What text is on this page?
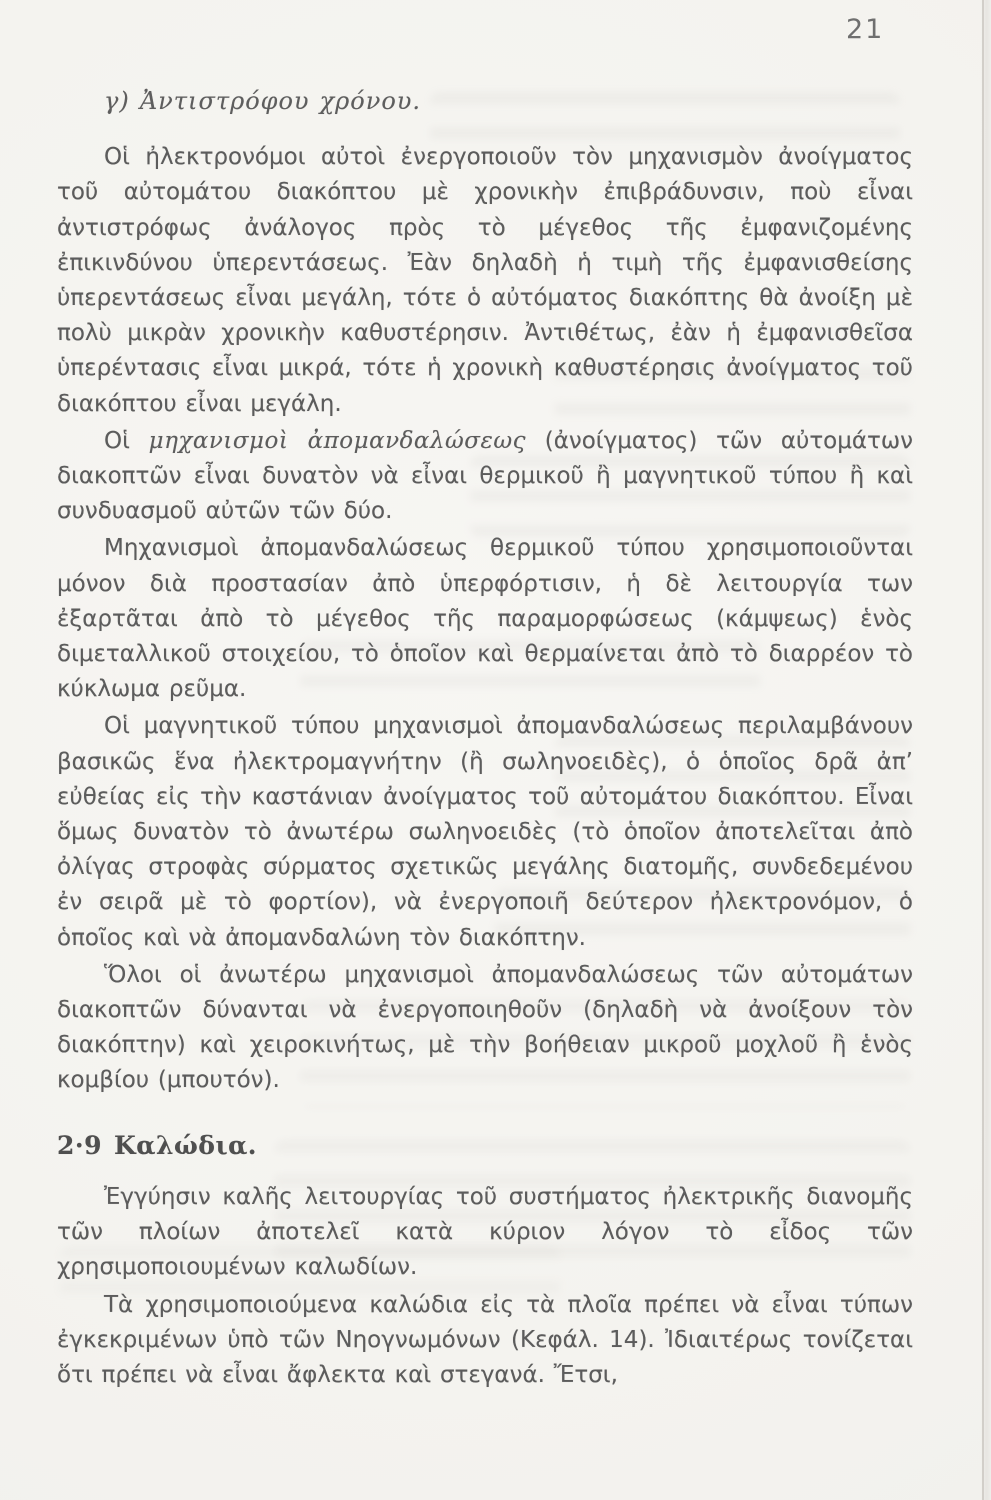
21
γ) Ἀντιστρόφου χρόνου.

Οἱ ἠλεκτρονόμοι αὐτοὶ ἐνεργοποιοῦν τὸν μηχανισμὸν ἀνοίγματος τοῦ αὐτομάτου διακόπτου μὲ χρονικὴν ἐπιβράδυνσιν, ποὺ εἶναι ἀντιστρόφως ἀνάλογος πρὸς τὸ μέγεθος τῆς ἐμφανιζομένης ἐπικινδύνου ὑπερεντάσεως. Ἐὰν δηλαδὴ ἡ τιμὴ τῆς ἐμφανισθείσης ὑπερεντάσεως εἶναι μεγάλη, τότε ὁ αὐτόματος διακόπτης θὰ ἀνοίξη μὲ πολὺ μικρὰν χρονικὴν καθυστέρησιν. Ἀντιθέτως, ἐὰν ἡ ἐμφανισθεῖσα ὑπερέντασις εἶναι μικρά, τότε ἡ χρονικὴ καθυστέρησις ἀνοίγματος τοῦ διακόπτου εἶναι μεγάλη.

Οἱ μηχανισμοὶ ἀπομανδαλώσεως (ἀνοίγματος) τῶν αὐτομάτων διακοπτῶν εἶναι δυνατὸν νὰ εἶναι θερμικοῦ ἢ μαγνητικοῦ τύπου ἢ καὶ συνδυασμοῦ αὐτῶν τῶν δύο.

Μηχανισμοὶ ἀπομανδαλώσεως θερμικοῦ τύπου χρησιμοποιοῦνται μόνον διὰ προστασίαν ἀπὸ ὑπερφόρτισιν, ἡ δὲ λειτουργία των ἐξαρτᾶται ἀπὸ τὸ μέγεθος τῆς παραμορφώσεως (κάμψεως) ἑνὸς διμεταλλικοῦ στοιχείου, τὸ ὁποῖον καὶ θερμαίνεται ἀπὸ τὸ διαρρέον τὸ κύκλωμα ρεῦμα.

Οἱ μαγνητικοῦ τύπου μηχανισμοὶ ἀπομανδαλώσεως περιλαμβάνουν βασικῶς ἕνα ἠλεκτρομαγνήτην (ἢ σωληνοειδὲς), ὁ ὁποῖος δρᾶ ἀπ’ εὐθείας εἰς τὴν καστάνιαν ἀνοίγματος τοῦ αὐτομάτου διακόπτου. Εἶναι ὅμως δυνατὸν τὸ ἀνωτέρω σωληνοειδὲς (τὸ ὁποῖον ἀποτελεῖται ἀπὸ ὀλίγας στροφὰς σύρματος σχετικῶς μεγάλης διατομῆς, συνδεδεμένου ἐν σειρᾶ μὲ τὸ φορτίον), νὰ ἐνεργοποιῆ δεύτερον ἠλεκτρονόμον, ὁ ὁποῖος καὶ νὰ ἀπομανδαλώνη τὸν διακόπτην.

Ὅλοι οἱ ἀνωτέρω μηχανισμοὶ ἀπομανδαλώσεως τῶν αὐτομάτων διακοπτῶν δύνανται νὰ ἐνεργοποιηθοῦν (δηλαδὴ νὰ ἀνοίξουν τὸν διακόπτην) καὶ χειροκινήτως, μὲ τὴν βοήθειαν μικροῦ μοχλοῦ ἢ ἑνὸς κομβίου (μπουτόν).

2·9 Καλώδια.

Ἐγγύησιν καλῆς λειτουργίας τοῦ συστήματος ἠλεκτρικῆς διανομῆς τῶν πλοίων ἀποτελεῖ κατὰ κύριον λόγον τὸ εἶδος τῶν χρησιμοποιουμένων καλωδίων.

Τὰ χρησιμοποιούμενα καλώδια εἰς τὰ πλοῖα πρέπει νὰ εἶναι τύπων ἐγκεκριμένων ὑπὸ τῶν Νηογνωμόνων (Κεφάλ. 14). Ἰδιαιτέρως τονίζεται ὅτι πρέπει νὰ εἶναι ἄφλεκτα καὶ στεγανά. Ἔτσι,
